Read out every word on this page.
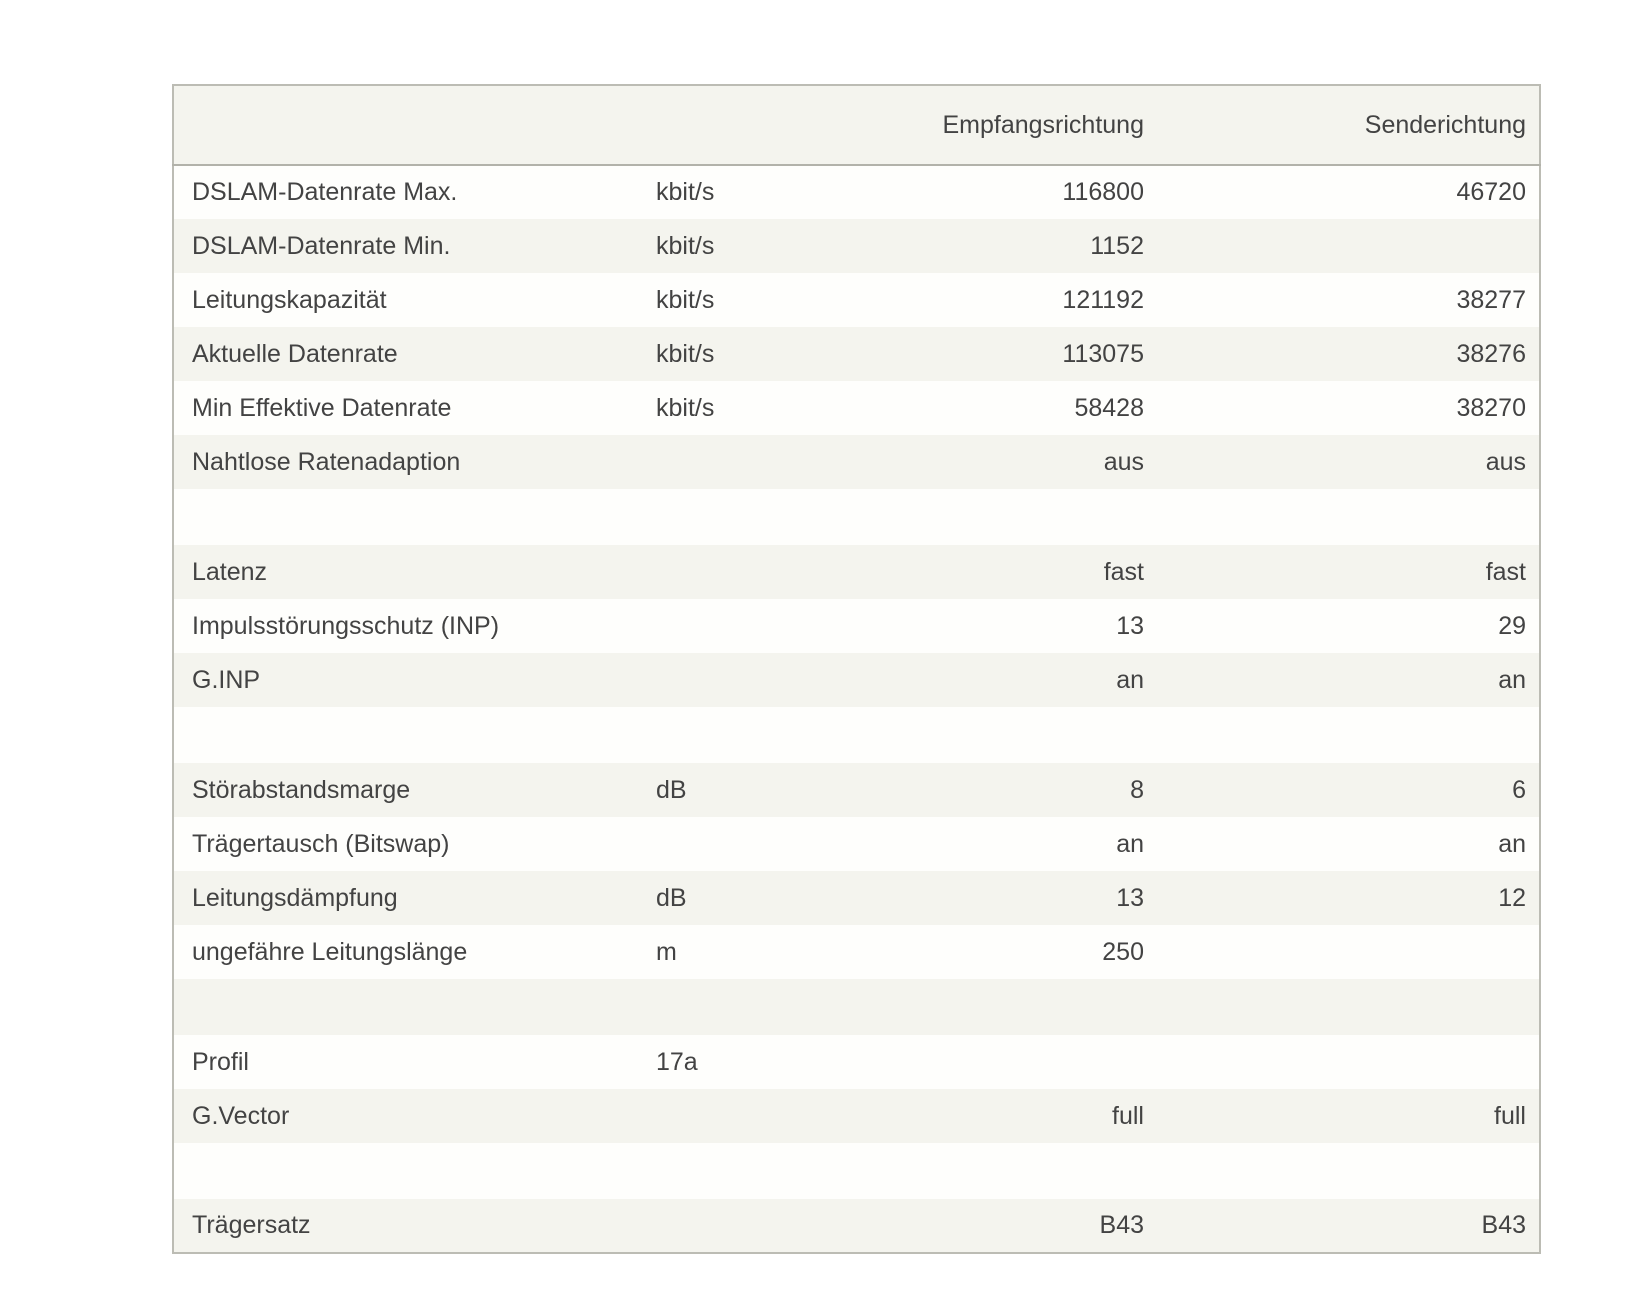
		Empfangsrichtung	Senderichtung
DSLAM-Datenrate Max.	kbit/s	116800	46720
DSLAM-Datenrate Min.	kbit/s	1152	
Leitungskapazität	kbit/s	121192	38277
Aktuelle Datenrate	kbit/s	113075	38276
Min Effektive Datenrate	kbit/s	58428	38270
Nahtlose Ratenadaption		aus	aus

Latenz		fast	fast
Impulsstörungsschutz (INP)		13	29
G.INP		an	an

Störabstandsmarge	dB	8	6
Trägertausch (Bitswap)		an	an
Leitungsdämpfung	dB	13	12
ungefähre Leitungslänge	m	250	

Profil	17a		
G.Vector		full	full

Trägersatz		B43	B43
